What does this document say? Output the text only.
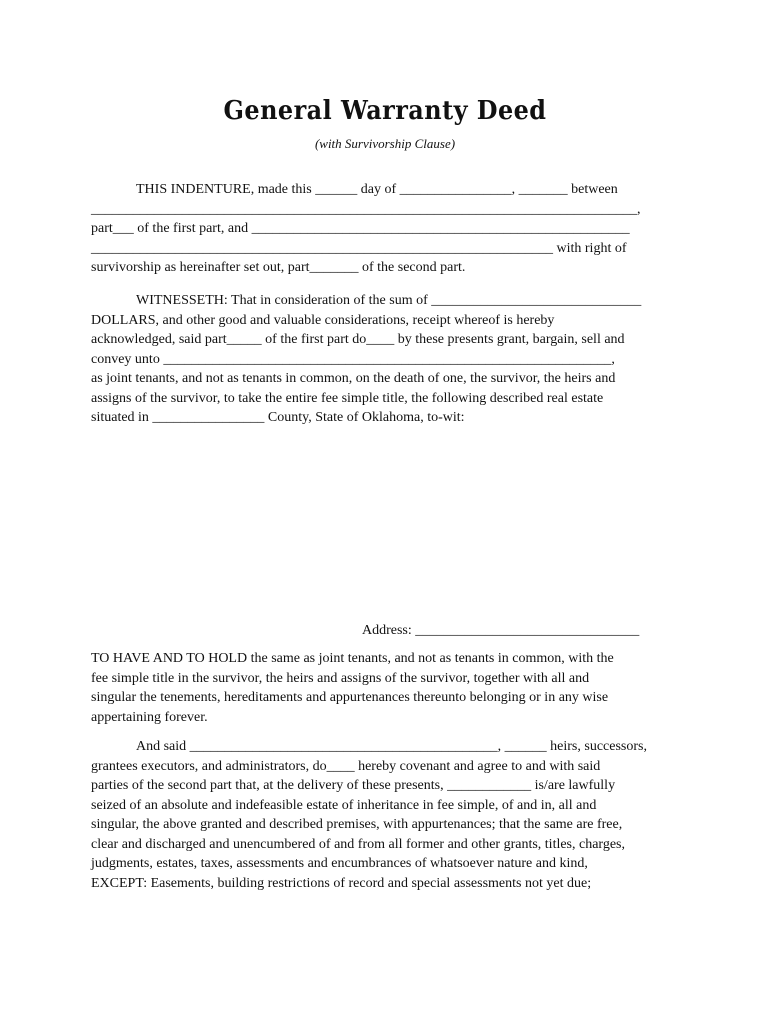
General Warranty Deed
(with Survivorship Clause)
THIS INDENTURE, made this ______ day of ________________, _______ between
______________________________________________________________________________,
part___ of the first part, and ______________________________________________________
__________________________________________________________________ with right of
survivorship as hereinafter set out, part_______ of the second part.
WITNESSETH: That in consideration of the sum of ______________________________
DOLLARS, and other good and valuable considerations, receipt whereof is hereby
acknowledged, said part_____ of the first part do____ by these presents grant, bargain, sell and
convey unto ________________________________________________________________,
as joint tenants, and not as tenants in common, on the death of one, the survivor, the heirs and
assigns of the survivor, to take the entire fee simple title, the following described real estate
situated in ________________ County, State of Oklahoma, to-wit:
Address: ________________________________
TO HAVE AND TO HOLD the same as joint tenants, and not as tenants in common, with the
fee simple title in the survivor, the heirs and assigns of the survivor, together with all and
singular the tenements, hereditaments and appurtenances thereunto belonging or in any wise
appertaining forever.
And said ____________________________________________, ______ heirs, successors,
grantees executors, and administrators, do____ hereby covenant and agree to and with said
parties of the second part that, at the delivery of these presents, ____________ is/are lawfully
seized of an absolute and indefeasible estate of inheritance in fee simple, of and in, all and
singular, the above granted and described premises, with appurtenances; that the same are free,
clear and discharged and unencumbered of and from all former and other grants, titles, charges,
judgments, estates, taxes, assessments and encumbrances of whatsoever nature and kind,
EXCEPT: Easements, building restrictions of record and special assessments not yet due;
